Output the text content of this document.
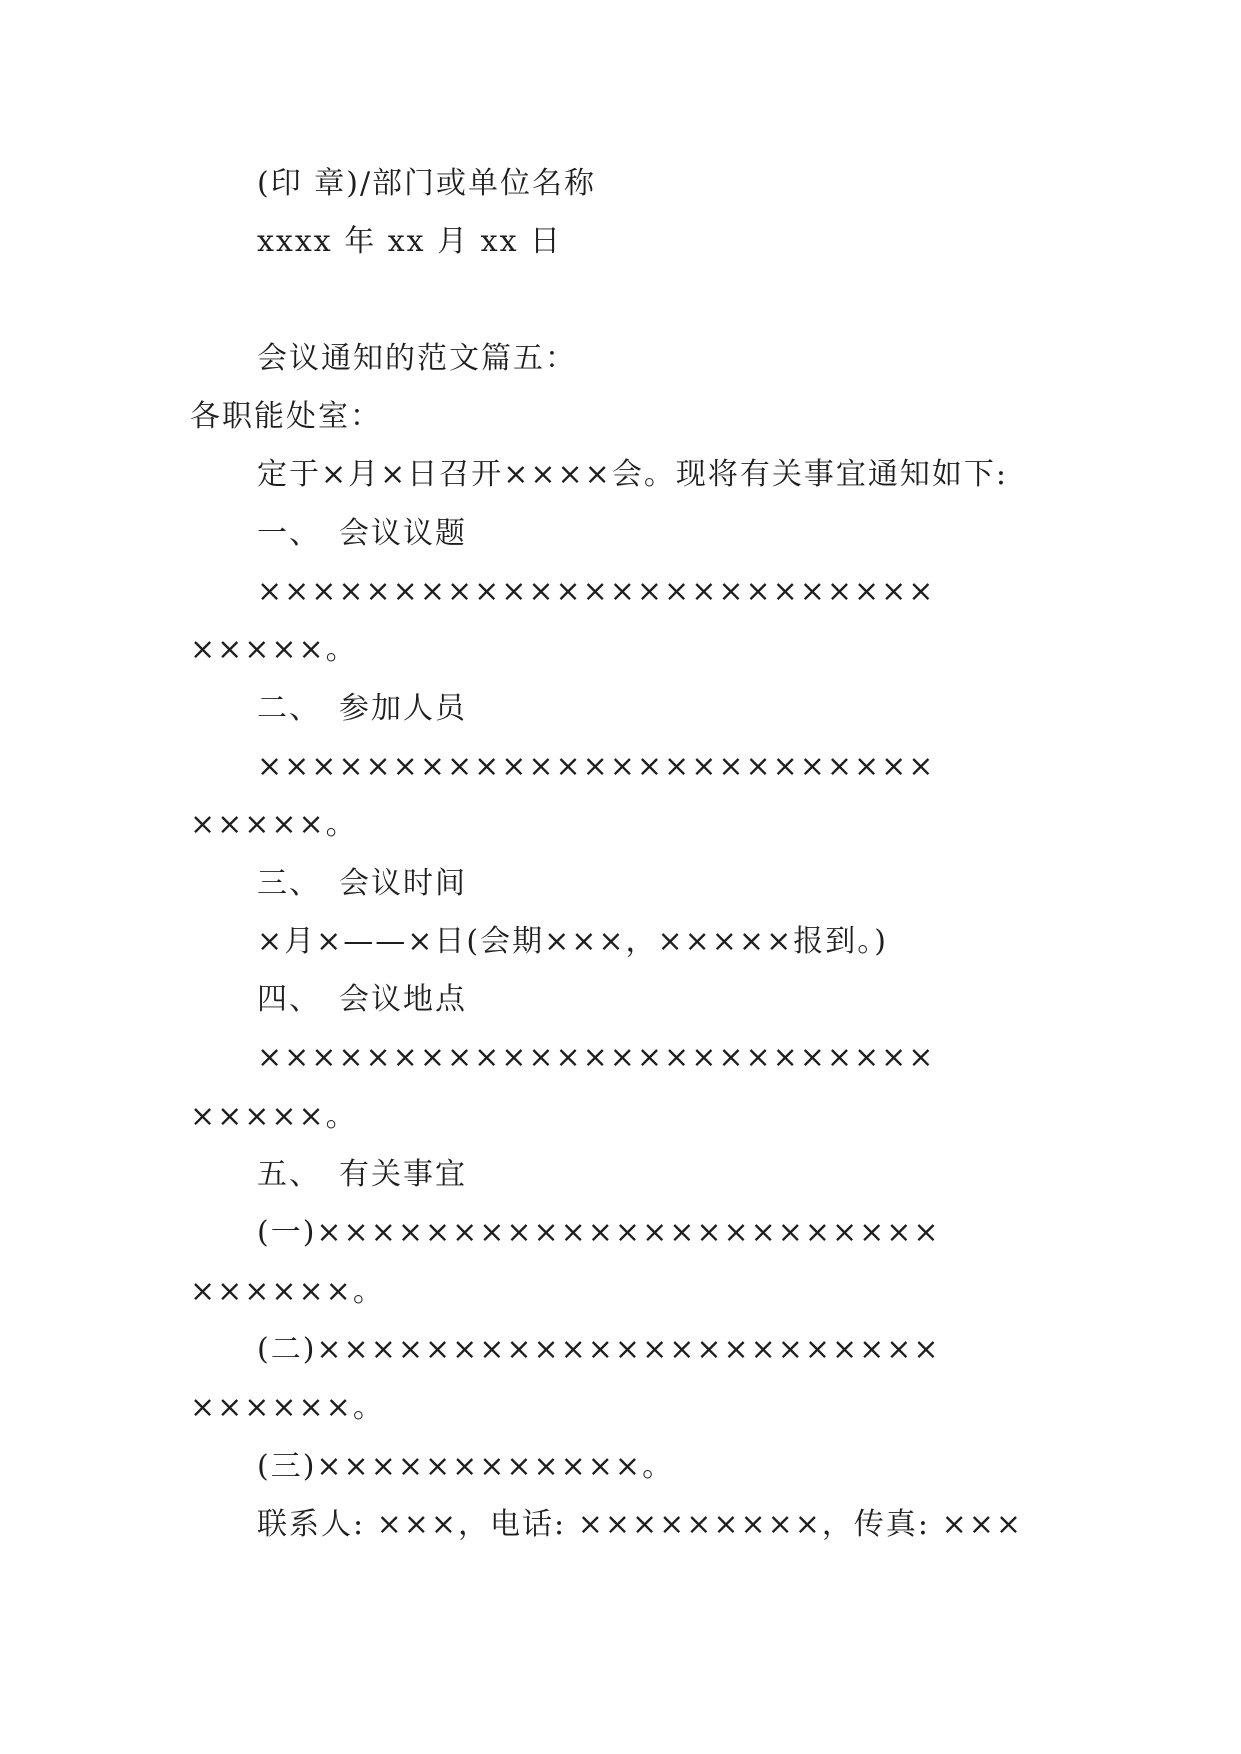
(印 章)/部门或单位名称
xxxx 年 xx 月 xx 日
会议通知的范文篇五：
各职能处室：
定于×月×日召开××××会。现将有关事宜通知如下:
一、 会议议题
×××××××××××××××××××××××××
×××××。
二、 参加人员
×××××××××××××××××××××××××
×××××。
三、 会议时间
×月×——×日(会期×××，×××××报到。)
四、 会议地点
×××××××××××××××××××××××××
×××××。
五、 有关事宜
(一)×××××××××××××××××××××××
××××××。
(二)×××××××××××××××××××××××
××××××。
(三)××××××××××××。
联系人: ×××，电话: ×××××××××，传真: ×××
